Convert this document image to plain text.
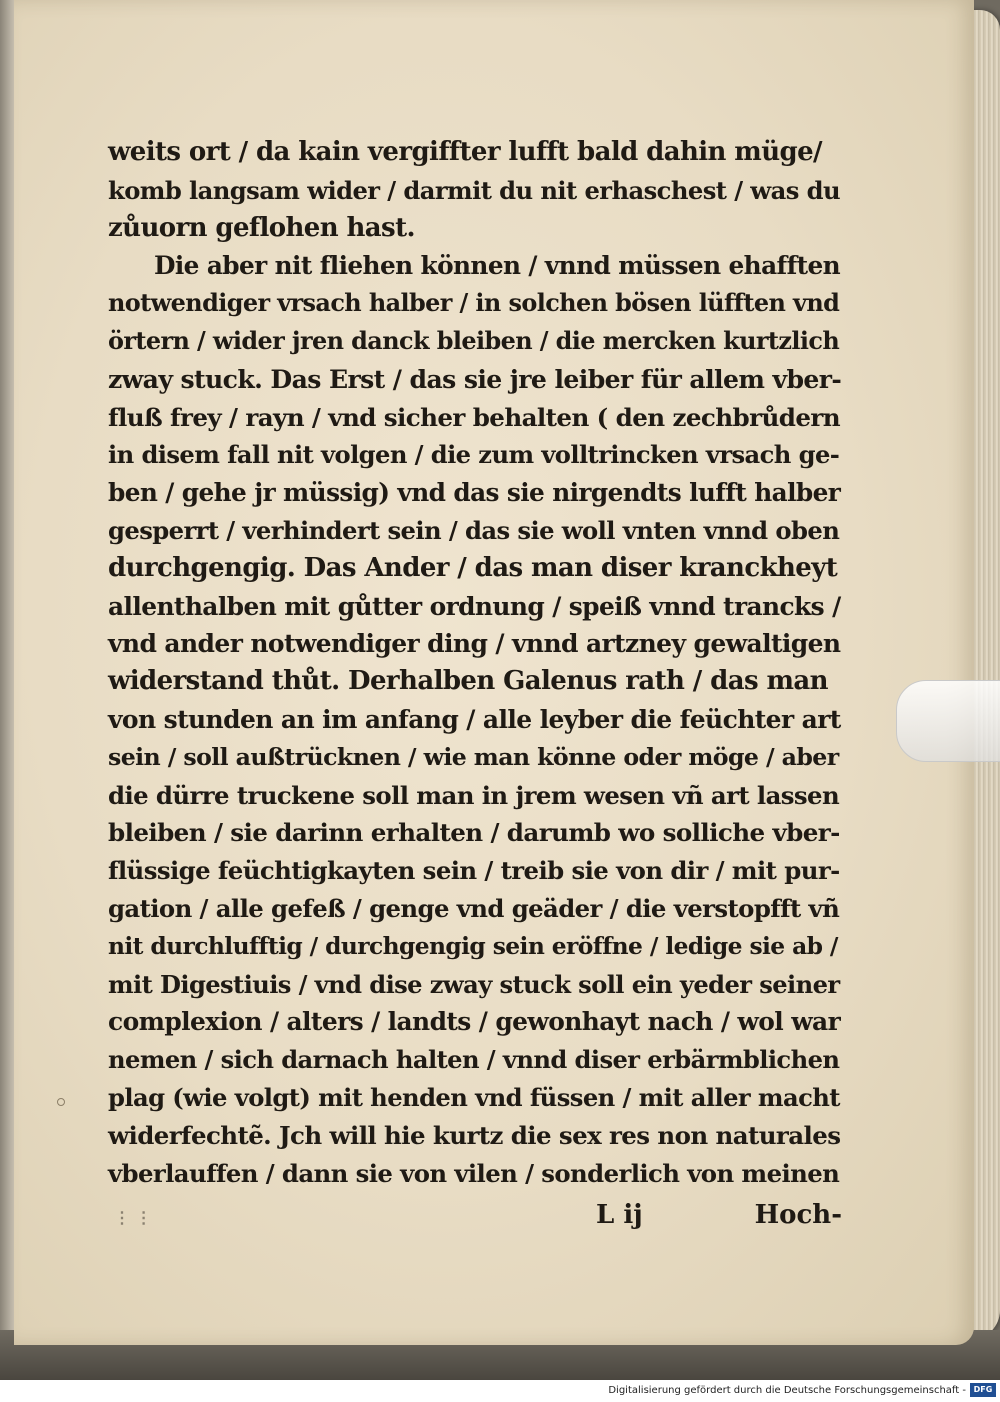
weits ort / da kain vergiffter lufft bald dahin müge/
komb langsam wider / darmit du nit erhaschest / was du
zůuorn geflohen hast.
Die aber nit fliehen können / vnnd müssen ehafften
notwendiger vrsach halber / in solchen bösen lüfften vnd
örtern / wider jren danck bleiben / die mercken kurtzlich
zway stuck. Das Erst / das sie jre leiber für allem vber-
fluß frey / rayn / vnd sicher behalten ( den zechbrůdern
in disem fall nit volgen / die zum volltrincken vrsach ge-
ben / gehe jr müssig) vnd das sie nirgendts lufft halber
gesperrt / verhindert sein / das sie woll vnten vnnd oben
durchgengig. Das Ander / das man diser kranckheyt
allenthalben mit gůtter ordnung / speiß vnnd trancks /
vnd ander notwendiger ding / vnnd artzney gewaltigen
widerstand thůt. Derhalben Galenus rath / das man
von stunden an im anfang / alle leyber die feüchter art
sein / soll außtrücknen / wie man könne oder möge / aber
die dürre truckene soll man in jrem wesen vñ art lassen
bleiben / sie darinn erhalten / darumb wo solliche vber-
flüssige feüchtigkayten sein / treib sie von dir / mit pur-
gation / alle gefeß / genge vnd geäder / die verstopfft vñ
nit durchlufftig / durchgengig sein eröffne / ledige sie ab /
mit Digestiuis / vnd dise zway stuck soll ein yeder seiner
complexion / alters / landts / gewonhayt nach / wol war
nemen / sich darnach halten / vnnd diser erbärmblichen
plag (wie volgt) mit henden vnd füssen / mit aller macht
widerfechtẽ. Jch will hie kurtz die sex res non naturales
vberlauffen / dann sie von vilen / sonderlich von meinen
⋮ ⋮	L ij	Hoch-
Digitalisierung gefördert durch die Deutsche Forschungsgemeinschaft - DFG
